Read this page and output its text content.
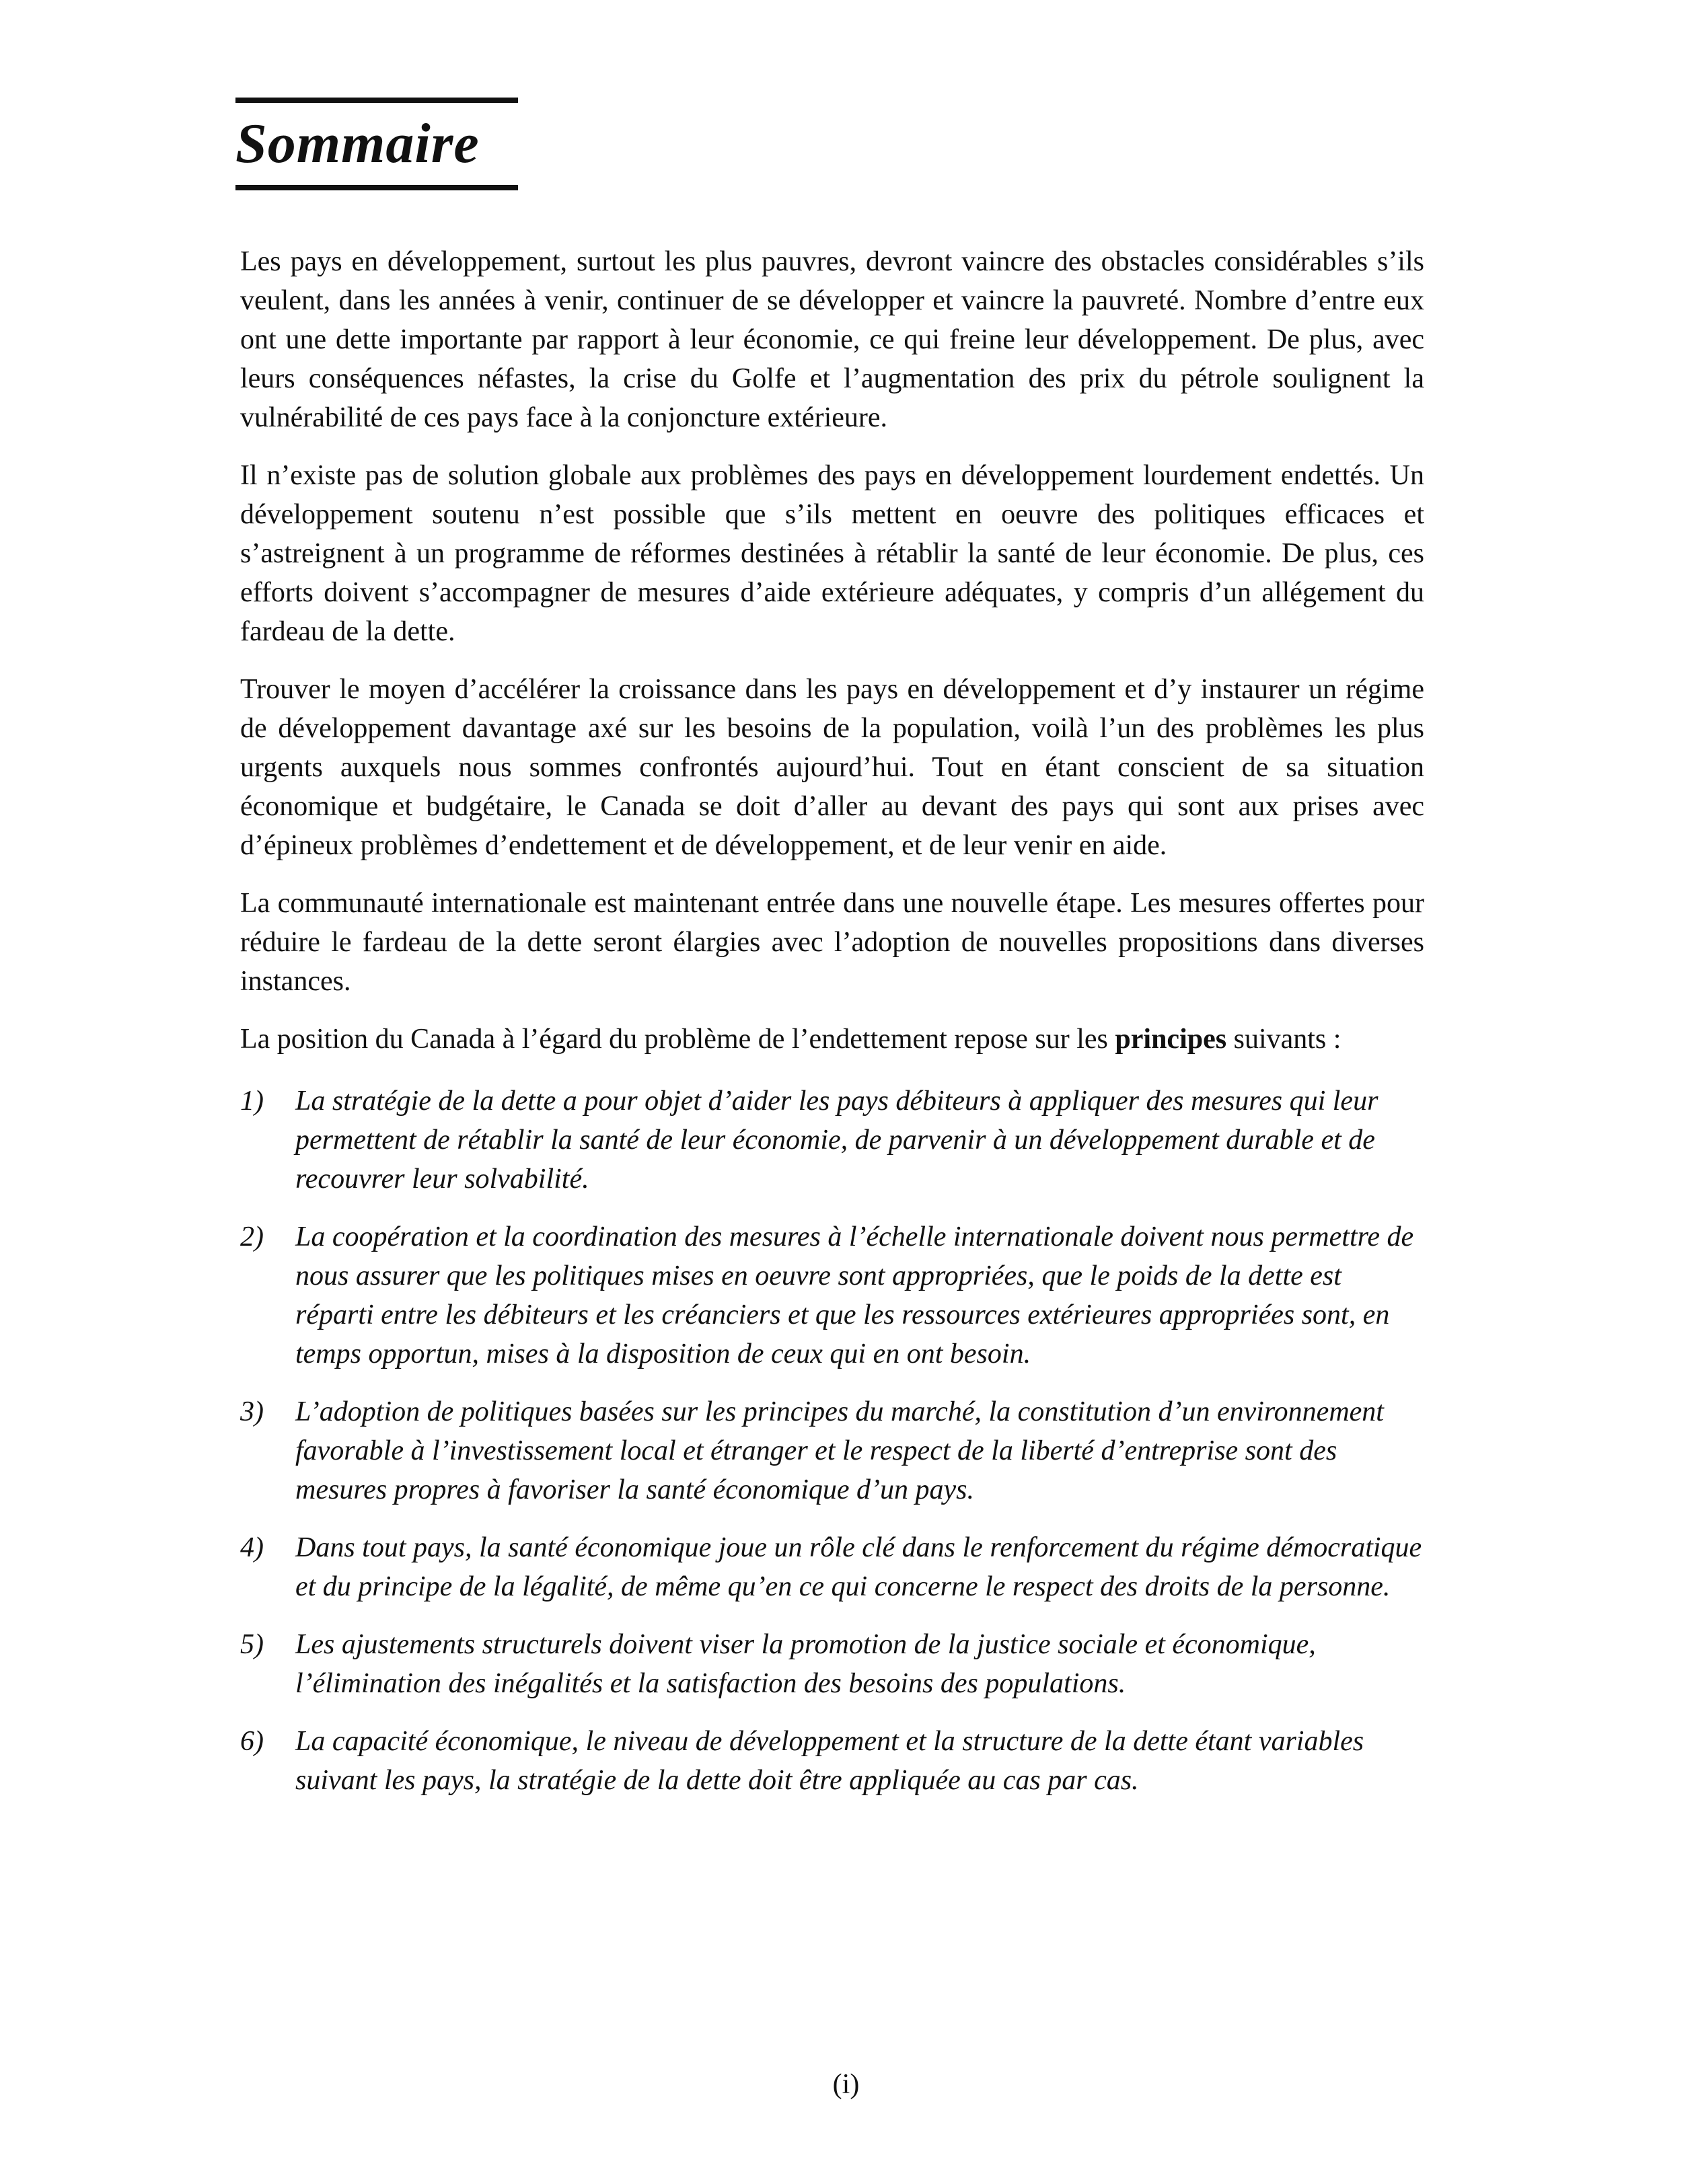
Sommaire

Les pays en développement, surtout les plus pauvres, devront vaincre des obstacles considérables s’ils veulent, dans les années à venir, continuer de se développer et vaincre la pauvreté. Nombre d’entre eux ont une dette importante par rapport à leur économie, ce qui freine leur développement. De plus, avec leurs conséquences néfastes, la crise du Golfe et l’augmentation des prix du pétrole soulignent la vulnérabilité de ces pays face à la conjoncture extérieure.

Il n’existe pas de solution globale aux problèmes des pays en développement lourdement endettés. Un développement soutenu n’est possible que s’ils mettent en oeuvre des politiques efficaces et s’astreignent à un programme de réformes destinées à rétablir la santé de leur économie. De plus, ces efforts doivent s’accompagner de mesures d’aide extérieure adéquates, y compris d’un allégement du fardeau de la dette.

Trouver le moyen d’accélérer la croissance dans les pays en développement et d’y instaurer un régime de développement davantage axé sur les besoins de la population, voilà l’un des problèmes les plus urgents auxquels nous sommes confrontés aujourd’hui. Tout en étant conscient de sa situation économique et budgétaire, le Canada se doit d’aller au devant des pays qui sont aux prises avec d’épineux problèmes d’endettement et de développement, et de leur venir en aide.

La communauté internationale est maintenant entrée dans une nouvelle étape. Les mesures offertes pour réduire le fardeau de la dette seront élargies avec l’adoption de nouvelles propositions dans diverses instances.

La position du Canada à l’égard du problème de l’endettement repose sur les principes suivants :

1) La stratégie de la dette a pour objet d’aider les pays débiteurs à appliquer des mesures qui leur permettent de rétablir la santé de leur économie, de parvenir à un développement durable et de recouvrer leur solvabilité.
2) La coopération et la coordination des mesures à l’échelle internationale doivent nous permettre de nous assurer que les politiques mises en oeuvre sont appropriées, que le poids de la dette est réparti entre les débiteurs et les créanciers et que les ressources extérieures appropriées sont, en temps opportun, mises à la disposition de ceux qui en ont besoin.
3) L’adoption de politiques basées sur les principes du marché, la constitution d’un environnement favorable à l’investissement local et étranger et le respect de la liberté d’entreprise sont des mesures propres à favoriser la santé économique d’un pays.
4) Dans tout pays, la santé économique joue un rôle clé dans le renforcement du régime démocratique et du principe de la légalité, de même qu’en ce qui concerne le respect des droits de la personne.
5) Les ajustements structurels doivent viser la promotion de la justice sociale et économique, l’élimination des inégalités et la satisfaction des besoins des populations.
6) La capacité économique, le niveau de développement et la structure de la dette étant variables suivant les pays, la stratégie de la dette doit être appliquée au cas par cas.
(i)
